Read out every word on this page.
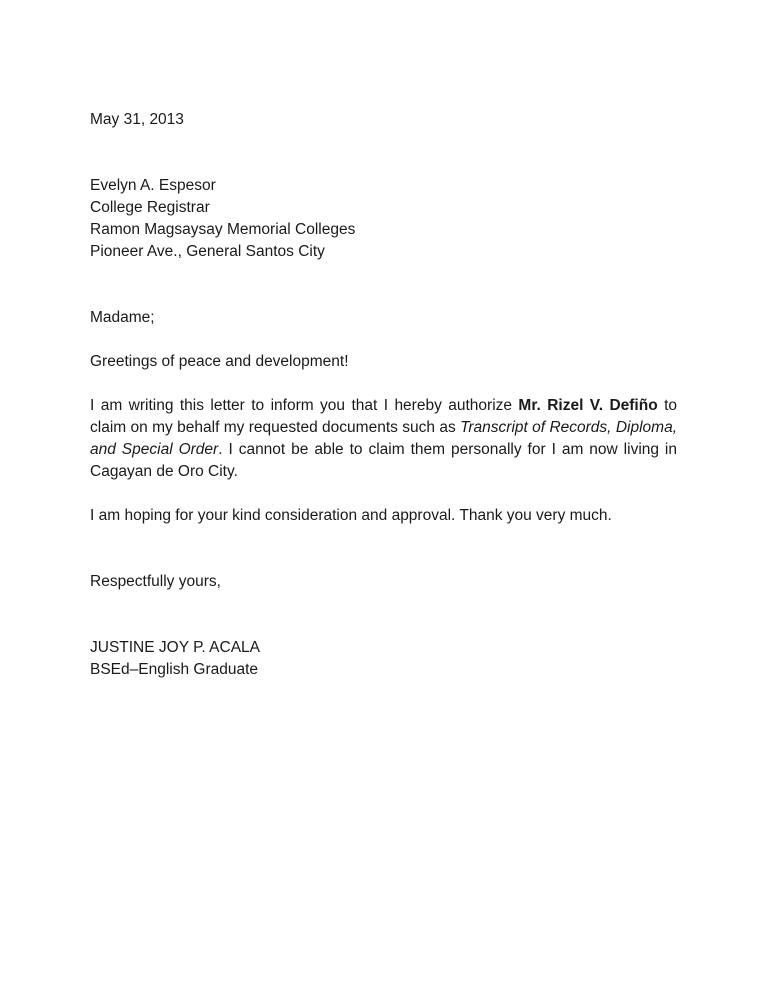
May 31, 2013
Evelyn A. Espesor
College Registrar
Ramon Magsaysay Memorial Colleges
Pioneer Ave., General Santos City
Madame;
Greetings of peace and development!

I am writing this letter to inform you that I hereby authorize Mr. Rizel V. Defiño to claim on my behalf my requested documents such as Transcript of Records, Diploma, and Special Order. I cannot be able to claim them personally for I am now living in Cagayan de Oro City.

I am hoping for your kind consideration and approval. Thank you very much.

Respectfully yours,
JUSTINE JOY P. ACALA
BSEd–English Graduate
